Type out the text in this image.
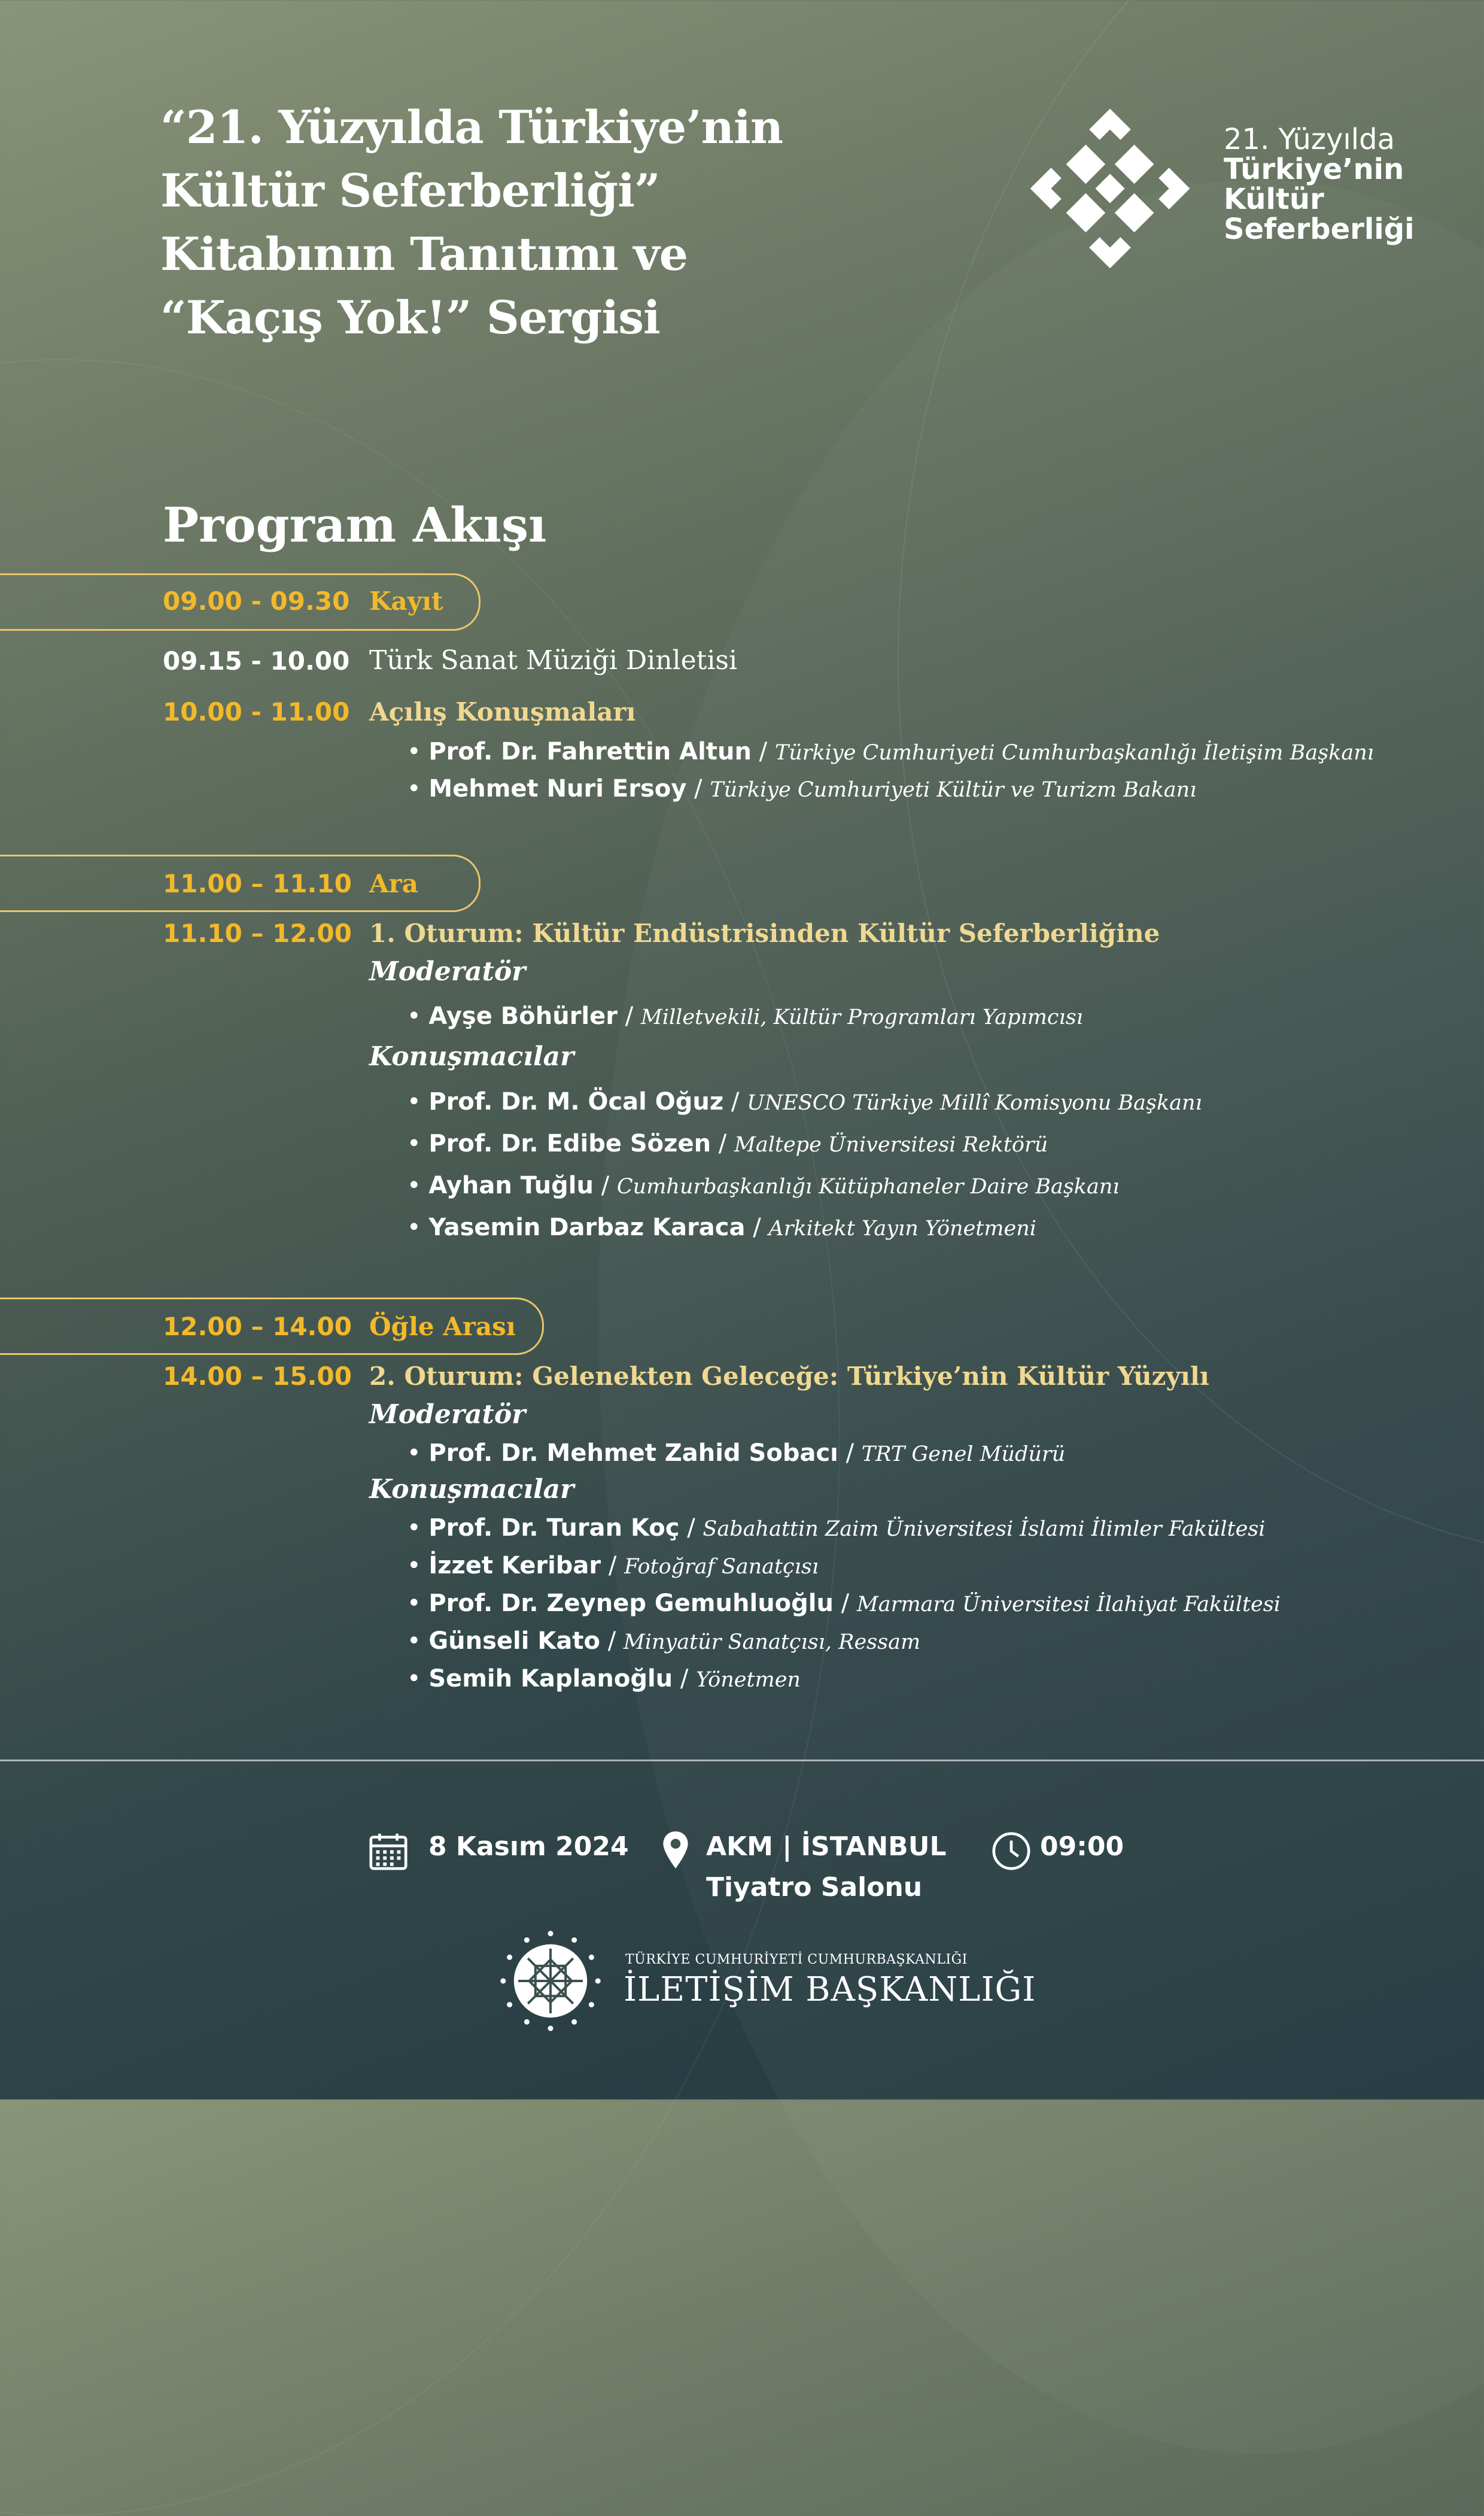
“21. Yüzyılda Türkiye’nin
Kültür Seferberliği”
Kitabının Tanıtımı ve
“Kaçış Yok!” Sergisi
21. Yüzyılda
Türkiye’nin
Kültür
Seferberliği
Program Akışı
09.00 - 09.30 Kayıt
09.15 - 10.00 Türk Sanat Müziği Dinletisi
10.00 - 11.00 Açılış Konuşmaları
• Prof. Dr. Fahrettin Altun / Türkiye Cumhuriyeti Cumhurbaşkanlığı İletişim Başkanı
• Mehmet Nuri Ersoy / Türkiye Cumhuriyeti Kültür ve Turizm Bakanı
11.00 – 11.10 Ara
11.10 – 12.00 1. Oturum: Kültür Endüstrisinden Kültür Seferberliğine
Moderatör
• Ayşe Böhürler / Milletvekili, Kültür Programları Yapımcısı
Konuşmacılar
• Prof. Dr. M. Öcal Oğuz / UNESCO Türkiye Millî Komisyonu Başkanı
• Prof. Dr. Edibe Sözen / Maltepe Üniversitesi Rektörü
• Ayhan Tuğlu / Cumhurbaşkanlığı Kütüphaneler Daire Başkanı
• Yasemin Darbaz Karaca / Arkitekt Yayın Yönetmeni
12.00 – 14.00 Öğle Arası
14.00 – 15.00 2. Oturum: Gelenekten Geleceğe: Türkiye’nin Kültür Yüzyılı
Moderatör
• Prof. Dr. Mehmet Zahid Sobacı / TRT Genel Müdürü
Konuşmacılar
• Prof. Dr. Turan Koç / Sabahattin Zaim Üniversitesi İslami İlimler Fakültesi
• İzzet Keribar / Fotoğraf Sanatçısı
• Prof. Dr. Zeynep Gemuhluoğlu / Marmara Üniversitesi İlahiyat Fakültesi
• Günseli Kato / Minyatür Sanatçısı, Ressam
• Semih Kaplanoğlu / Yönetmen
8 Kasım 2024	AKM | İSTANBUL
Tiyatro Salonu
09:00
TÜRKİYE CUMHURİYETİ CUMHURBAŞKANLIĞI
İLETİŞİM BAŞKANLIĞI
